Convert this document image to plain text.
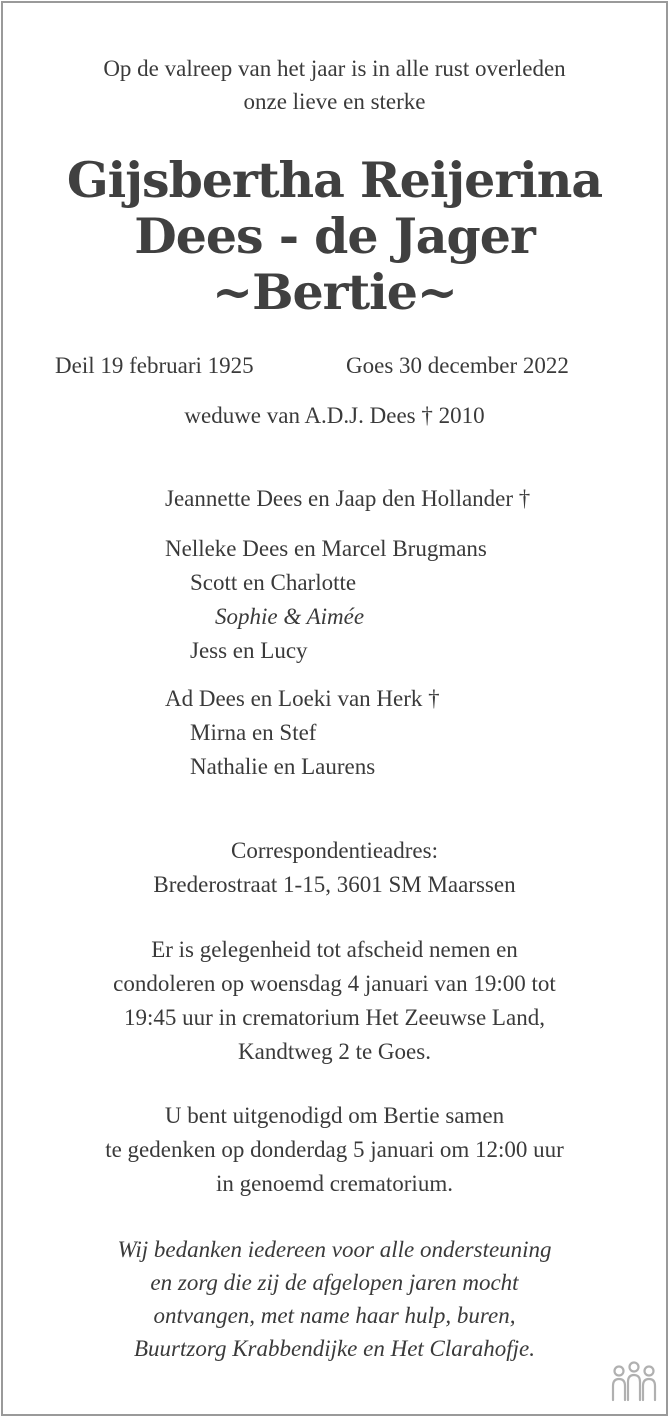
Op de valreep van het jaar is in alle rust overleden
onze lieve en sterke
Gijsbertha Reijerina
Dees - de Jager
~Bertie~
Deil 19 februari 1925	Goes 30 december 2022
weduwe van A.D.J. Dees † 2010
Jeannette Dees en Jaap den Hollander †
Nelleke Dees en Marcel Brugmans
Scott en Charlotte
Sophie & Aimée
Jess en Lucy
Ad Dees en Loeki van Herk †
Mirna en Stef
Nathalie en Laurens
Correspondentieadres:
Brederostraat 1-15, 3601 SM Maarssen
Er is gelegenheid tot afscheid nemen en
condoleren op woensdag 4 januari van 19:00 tot
19:45 uur in crematorium Het Zeeuwse Land,
Kandtweg 2 te Goes.
U bent uitgenodigd om Bertie samen
te gedenken op donderdag 5 januari om 12:00 uur
in genoemd crematorium.
Wij bedanken iedereen voor alle ondersteuning
en zorg die zij de afgelopen jaren mocht
ontvangen, met name haar hulp, buren,
Buurtzorg Krabbendijke en Het Clarahofje.
